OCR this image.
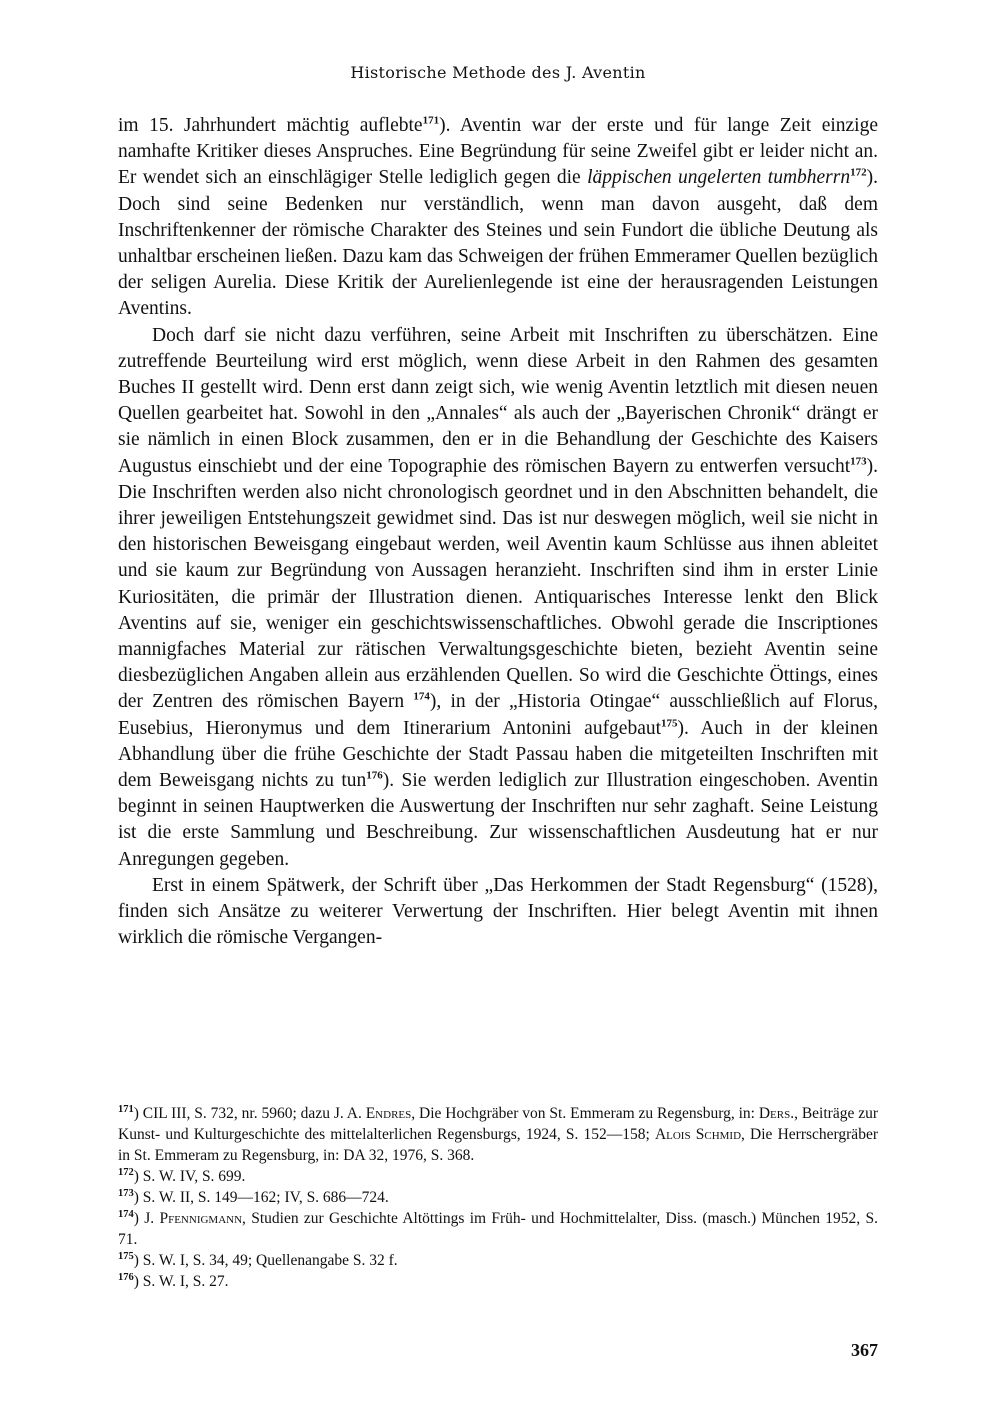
Historische Methode des J. Aventin

im 15. Jahrhundert mächtig auflebte$^{171}$). Aventin war der erste und für lange Zeit einzige namhafte Kritiker dieses Anspruches. Eine Begründung für seine Zweifel gibt er leider nicht an. Er wendet sich an einschlägiger Stelle lediglich gegen die läppischen ungelerten tumbherrn$^{172}$). Doch sind seine Bedenken nur verständlich, wenn man davon ausgeht, daß dem Inschriftenkenner der römische Charakter des Steines und sein Fundort die übliche Deutung als unhaltbar erscheinen ließen. Dazu kam das Schweigen der frühen Emmeramer Quellen bezüglich der seligen Aurelia. Diese Kritik der Aurelienlegende ist eine der herausragenden Leistungen Aventins.

Doch darf sie nicht dazu verführen, seine Arbeit mit Inschriften zu überschätzen. Eine zutreffende Beurteilung wird erst möglich, wenn diese Arbeit in den Rahmen des gesamten Buches II gestellt wird. Denn erst dann zeigt sich, wie wenig Aventin letztlich mit diesen neuen Quellen gearbeitet hat. Sowohl in den „Annales“ als auch der „Bayerischen Chronik“ drängt er sie nämlich in einen Block zusammen, den er in die Behandlung der Geschichte des Kaisers Augustus einschiebt und der eine Topographie des römischen Bayern zu entwerfen versucht$^{173}$). Die Inschriften werden also nicht chronologisch geordnet und in den Abschnitten behandelt, die ihrer jeweiligen Entstehungszeit gewidmet sind. Das ist nur deswegen möglich, weil sie nicht in den historischen Beweisgang eingebaut werden, weil Aventin kaum Schlüsse aus ihnen ableitet und sie kaum zur Begründung von Aussagen heranzieht. Inschriften sind ihm in erster Linie Kuriositäten, die primär der Illustration dienen. Antiquarisches Interesse lenkt den Blick Aventins auf sie, weniger ein geschichtswissenschaftliches. Obwohl gerade die Inscriptiones mannigfaches Material zur rätischen Verwaltungsgeschichte bieten, bezieht Aventin seine diesbezüglichen Angaben allein aus erzählenden Quellen. So wird die Geschichte Öttings, eines der Zentren des römischen Bayern $^{174}$), in der „Historia Otingae“ ausschließlich auf Florus, Eusebius, Hieronymus und dem Itinerarium Antonini aufgebaut$^{175}$). Auch in der kleinen Abhandlung über die frühe Geschichte der Stadt Passau haben die mitgeteilten Inschriften mit dem Beweisgang nichts zu tun$^{176}$). Sie werden lediglich zur Illustration eingeschoben. Aventin beginnt in seinen Hauptwerken die Auswertung der Inschriften nur sehr zaghaft. Seine Leistung ist die erste Sammlung und Beschreibung. Zur wissenschaftlichen Ausdeutung hat er nur Anregungen gegeben.

Erst in einem Spätwerk, der Schrift über „Das Herkommen der Stadt Regensburg“ (1528), finden sich Ansätze zu weiterer Verwertung der Inschriften. Hier belegt Aventin mit ihnen wirklich die römische Vergangen-

$^{171}$) CIL III, S. 732, nr. 5960; dazu J. A. Endres, Die Hochgräber von St. Emmeram zu Regensburg, in: Ders., Beiträge zur Kunst- und Kulturgeschichte des mittelalterlichen Regensburgs, 1924, S. 152—158; Alois Schmid, Die Herrschergräber in St. Emmeram zu Regensburg, in: DA 32, 1976, S. 368.

$^{172}$) S. W. IV, S. 699.

$^{173}$) S. W. II, S. 149—162; IV, S. 686—724.

$^{174}$) J. Pfennigmann, Studien zur Geschichte Altöttings im Früh- und Hochmittelalter, Diss. (masch.) München 1952, S. 71.

$^{175}$) S. W. I, S. 34, 49; Quellenangabe S. 32 f.

$^{176}$) S. W. I, S. 27.

367
